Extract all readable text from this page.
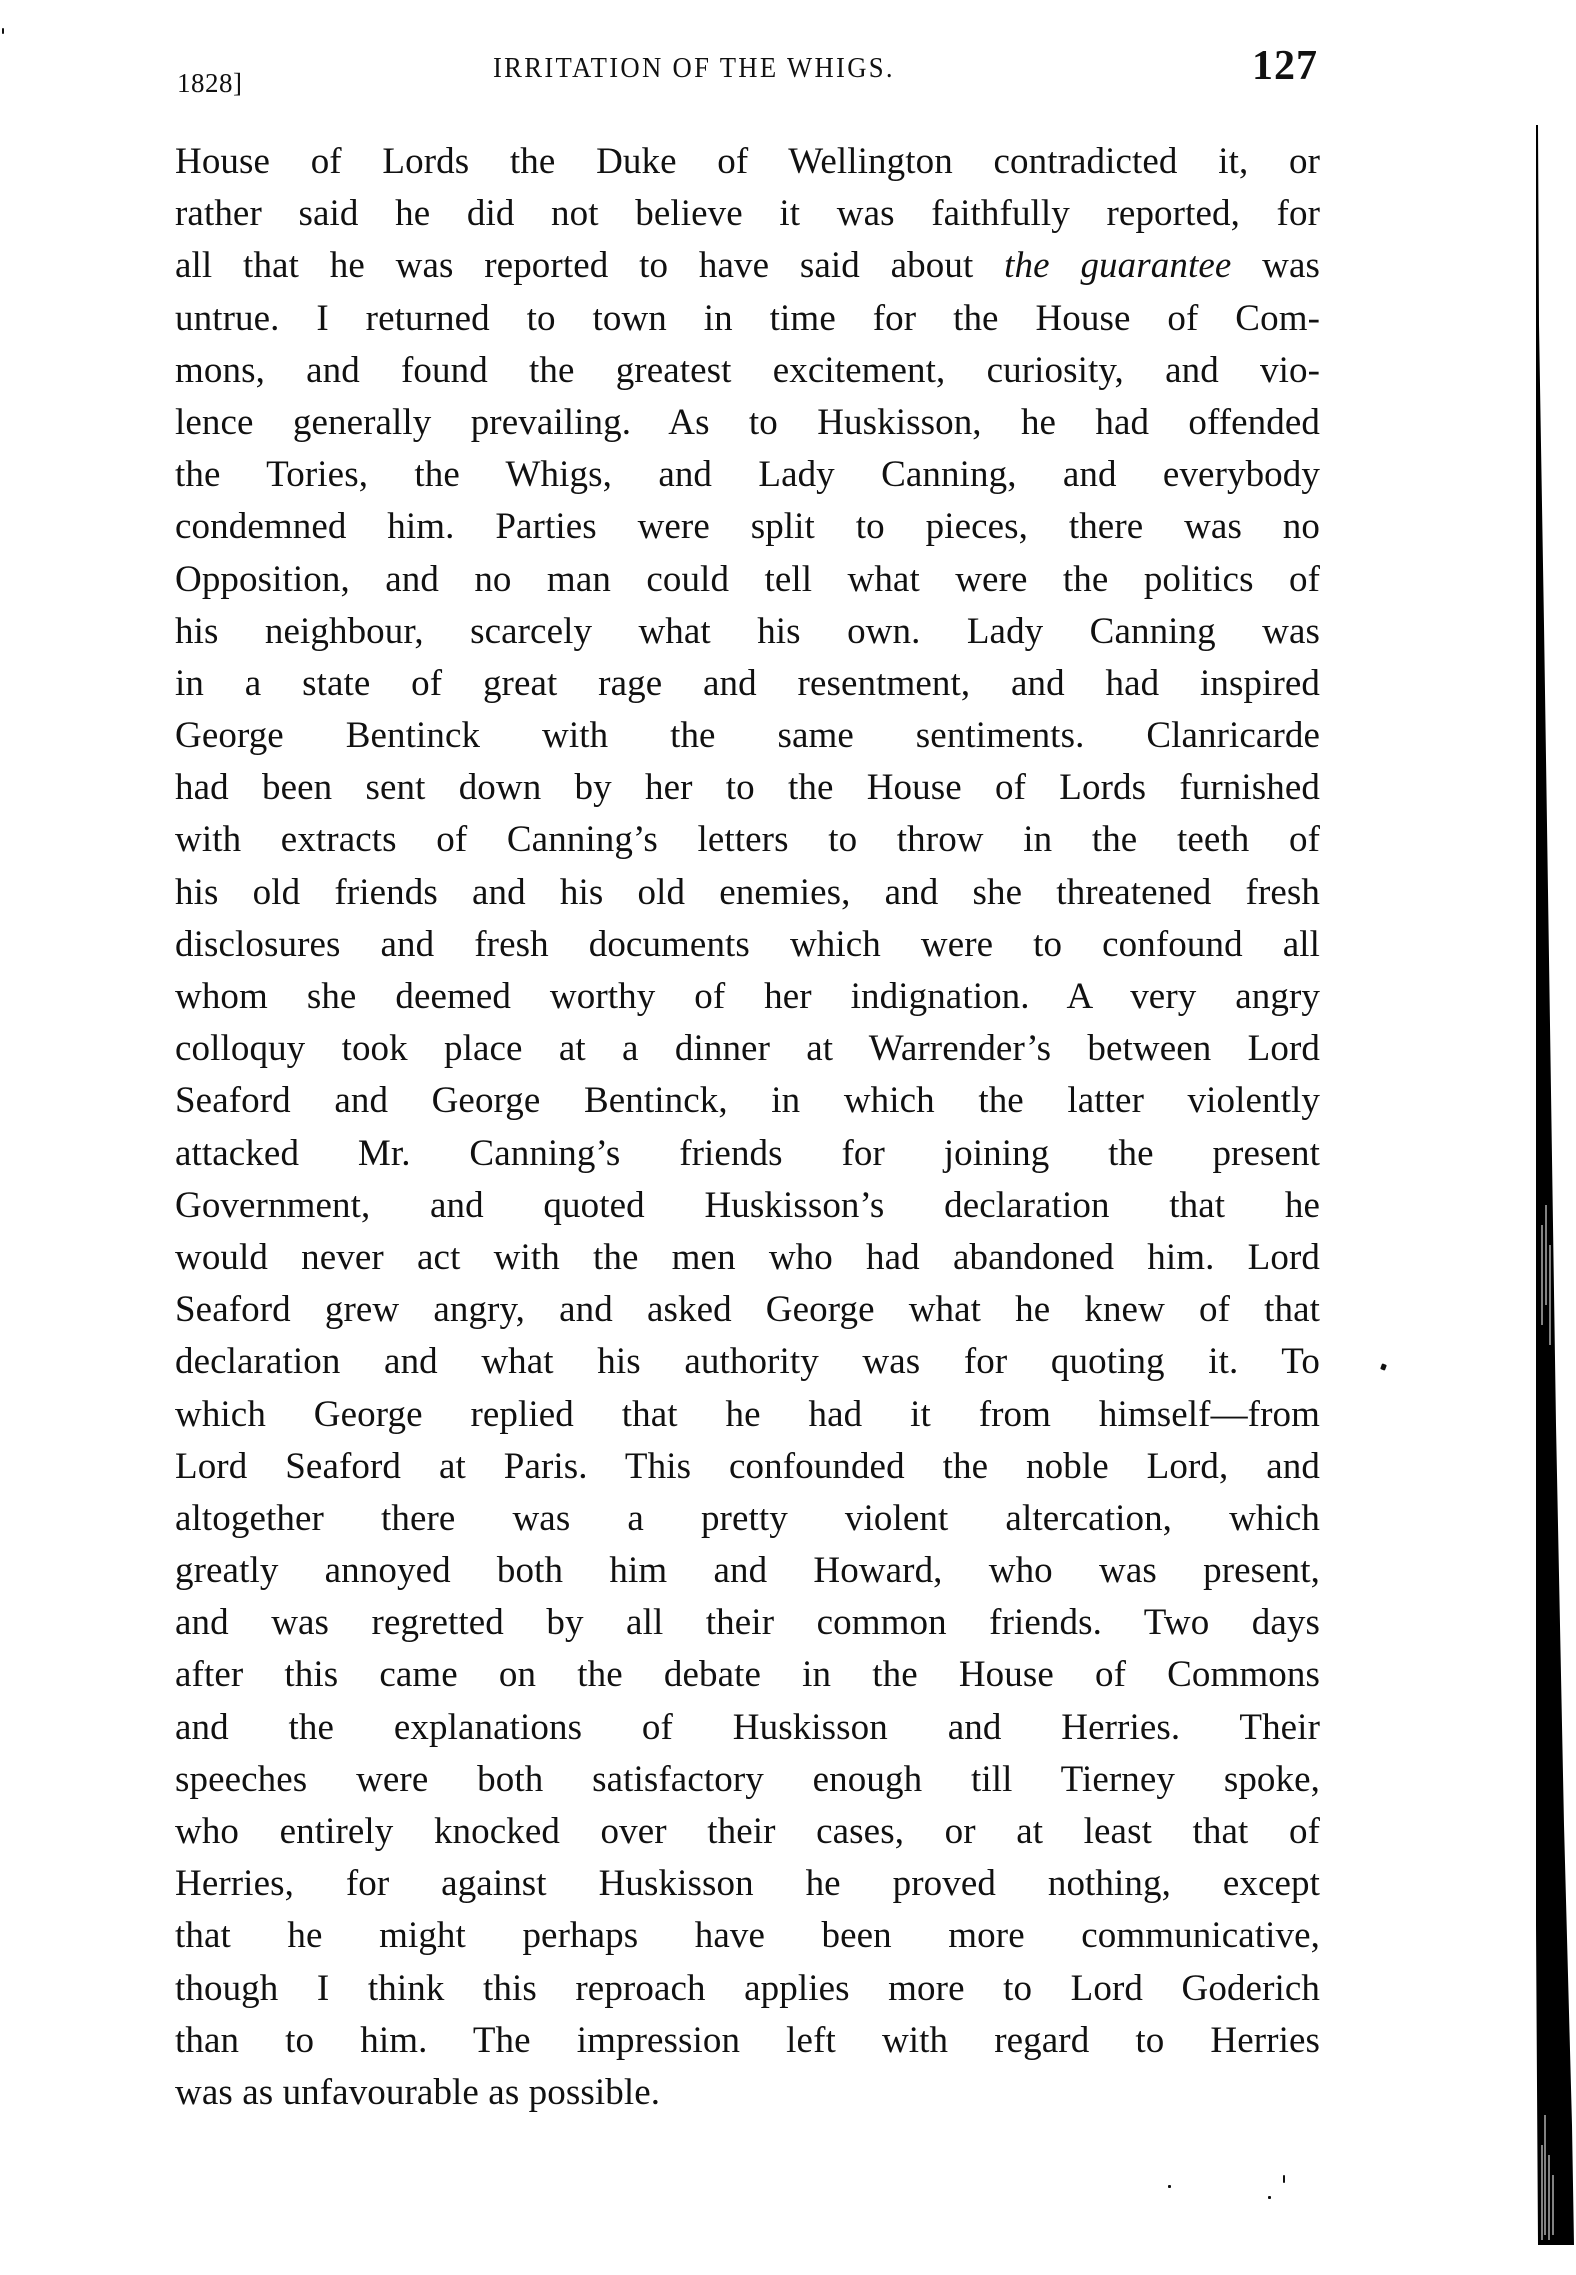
1828]	IRRITATION OF THE WHIGS.	127
House of Lords the Duke of Wellington contradicted it, or
rather said he did not believe it was faithfully reported, for
all that he was reported to have said about the guarantee was
untrue. I returned to town in time for the House of Com-
mons, and found the greatest excitement, curiosity, and vio-
lence generally prevailing. As to Huskisson, he had offended
the Tories, the Whigs, and Lady Canning, and everybody
condemned him. Parties were split to pieces, there was no
Opposition, and no man could tell what were the politics of
his neighbour, scarcely what his own. Lady Canning was
in a state of great rage and resentment, and had inspired
George Bentinck with the same sentiments. Clanricarde
had been sent down by her to the House of Lords furnished
with extracts of Canning’s letters to throw in the teeth of
his old friends and his old enemies, and she threatened fresh
disclosures and fresh documents which were to confound all
whom she deemed worthy of her indignation. A very angry
colloquy took place at a dinner at Warrender’s between Lord
Seaford and George Bentinck, in which the latter violently
attacked Mr. Canning’s friends for joining the present
Government, and quoted Huskisson’s declaration that he
would never act with the men who had abandoned him. Lord
Seaford grew angry, and asked George what he knew of that
declaration and what his authority was for quoting it. To
which George replied that he had it from himself—from
Lord Seaford at Paris. This confounded the noble Lord, and
altogether there was a pretty violent altercation, which
greatly annoyed both him and Howard, who was present,
and was regretted by all their common friends. Two days
after this came on the debate in the House of Commons
and the explanations of Huskisson and Herries. Their
speeches were both satisfactory enough till Tierney spoke,
who entirely knocked over their cases, or at least that of
Herries, for against Huskisson he proved nothing, except
that he might perhaps have been more communicative,
though I think this reproach applies more to Lord Goderich
than to him. The impression left with regard to Herries
was as unfavourable as possible.
